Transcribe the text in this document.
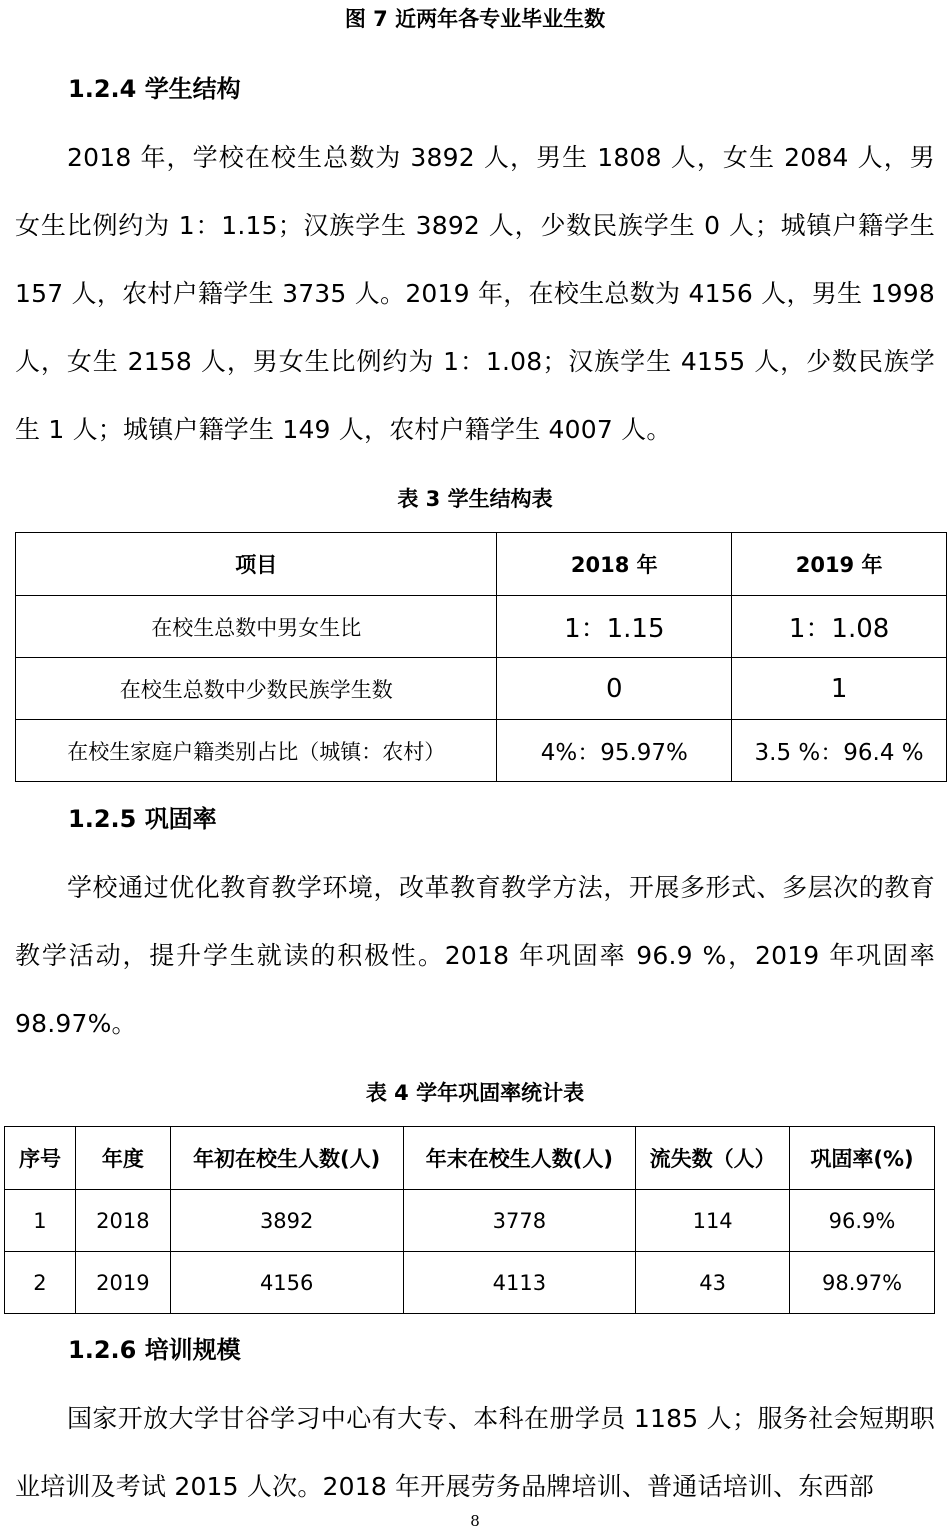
图 7 近两年各专业毕业生数
1.2.4 学生结构
2018 年，学校在校生总数为 3892 人，男生 1808 人，女生 2084 人，男女生比例约为 1：1.15；汉族学生 3892 人，少数民族学生 0 人；城镇户籍学生 157 人，农村户籍学生 3735 人。2019 年，在校生总数为 4156 人，男生 1998 人，女生 2158 人，男女生比例约为 1：1.08；汉族学生 4155 人，少数民族学生 1 人；城镇户籍学生 149 人，农村户籍学生 4007 人。
表 3 学生结构表
项目	2018 年	2019 年
在校生总数中男女生比	1：1.15	1：1.08
在校生总数中少数民族学生数	0	1
在校生家庭户籍类别占比（城镇：农村）	4%：95.97%	3.5 %：96.4 %
1.2.5 巩固率
学校通过优化教育教学环境，改革教育教学方法，开展多形式、多层次的教育教学活动，提升学生就读的积极性。2018 年巩固率 96.9 %，2019 年巩固率 98.97%。
表 4 学年巩固率统计表
序号	年度	年初在校生人数(人)	年末在校生人数(人)	流失数（人）	巩固率(%)
1	2018	3892	3778	114	96.9%
2	2019	4156	4113	43	98.97%
1.2.6 培训规模
国家开放大学甘谷学习中心有大专、本科在册学员 1185 人；服务社会短期职业培训及考试 2015 人次。2018 年开展劳务品牌培训、普通话培训、东西部
8
